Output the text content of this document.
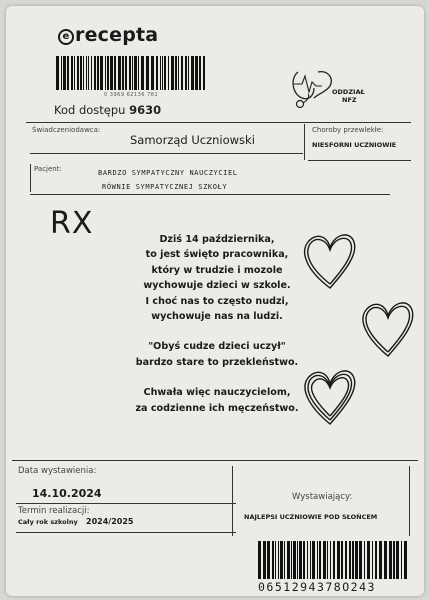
e recepta
0 3969 62136 781
Kod dostępu 9630
ODDZIAŁ
NFZ
Świadczeniodawca:
Samorząd Uczniowski
Choroby przewlekłe:
NIESFORNI UCZNIOWIE
Pacjent:	BARDZO SYMPATYCZNY NAUCZYCIEL
RÓWNIE SYMPATYCZNEJ SZKOŁY
RX	Dziś 14 października,
to jest święto pracownika,
który w trudzie i mozole
wychowuje dzieci w szkole.
I choć nas to często nudzi,
wychowuje nas na ludzi.

"Obyś cudze dzieci uczył"
bardzo stare to przekleństwo.

Chwała więc nauczycielom,
za codzienne ich męczeństwo.

Data wystawienia:
14.10.2024
Termin realizacji:
Cały rok szkolny 2024/2025
Wystawiający:
NAJLEPSI UCZNIOWIE POD SŁOŃCEM
0651294378O243
